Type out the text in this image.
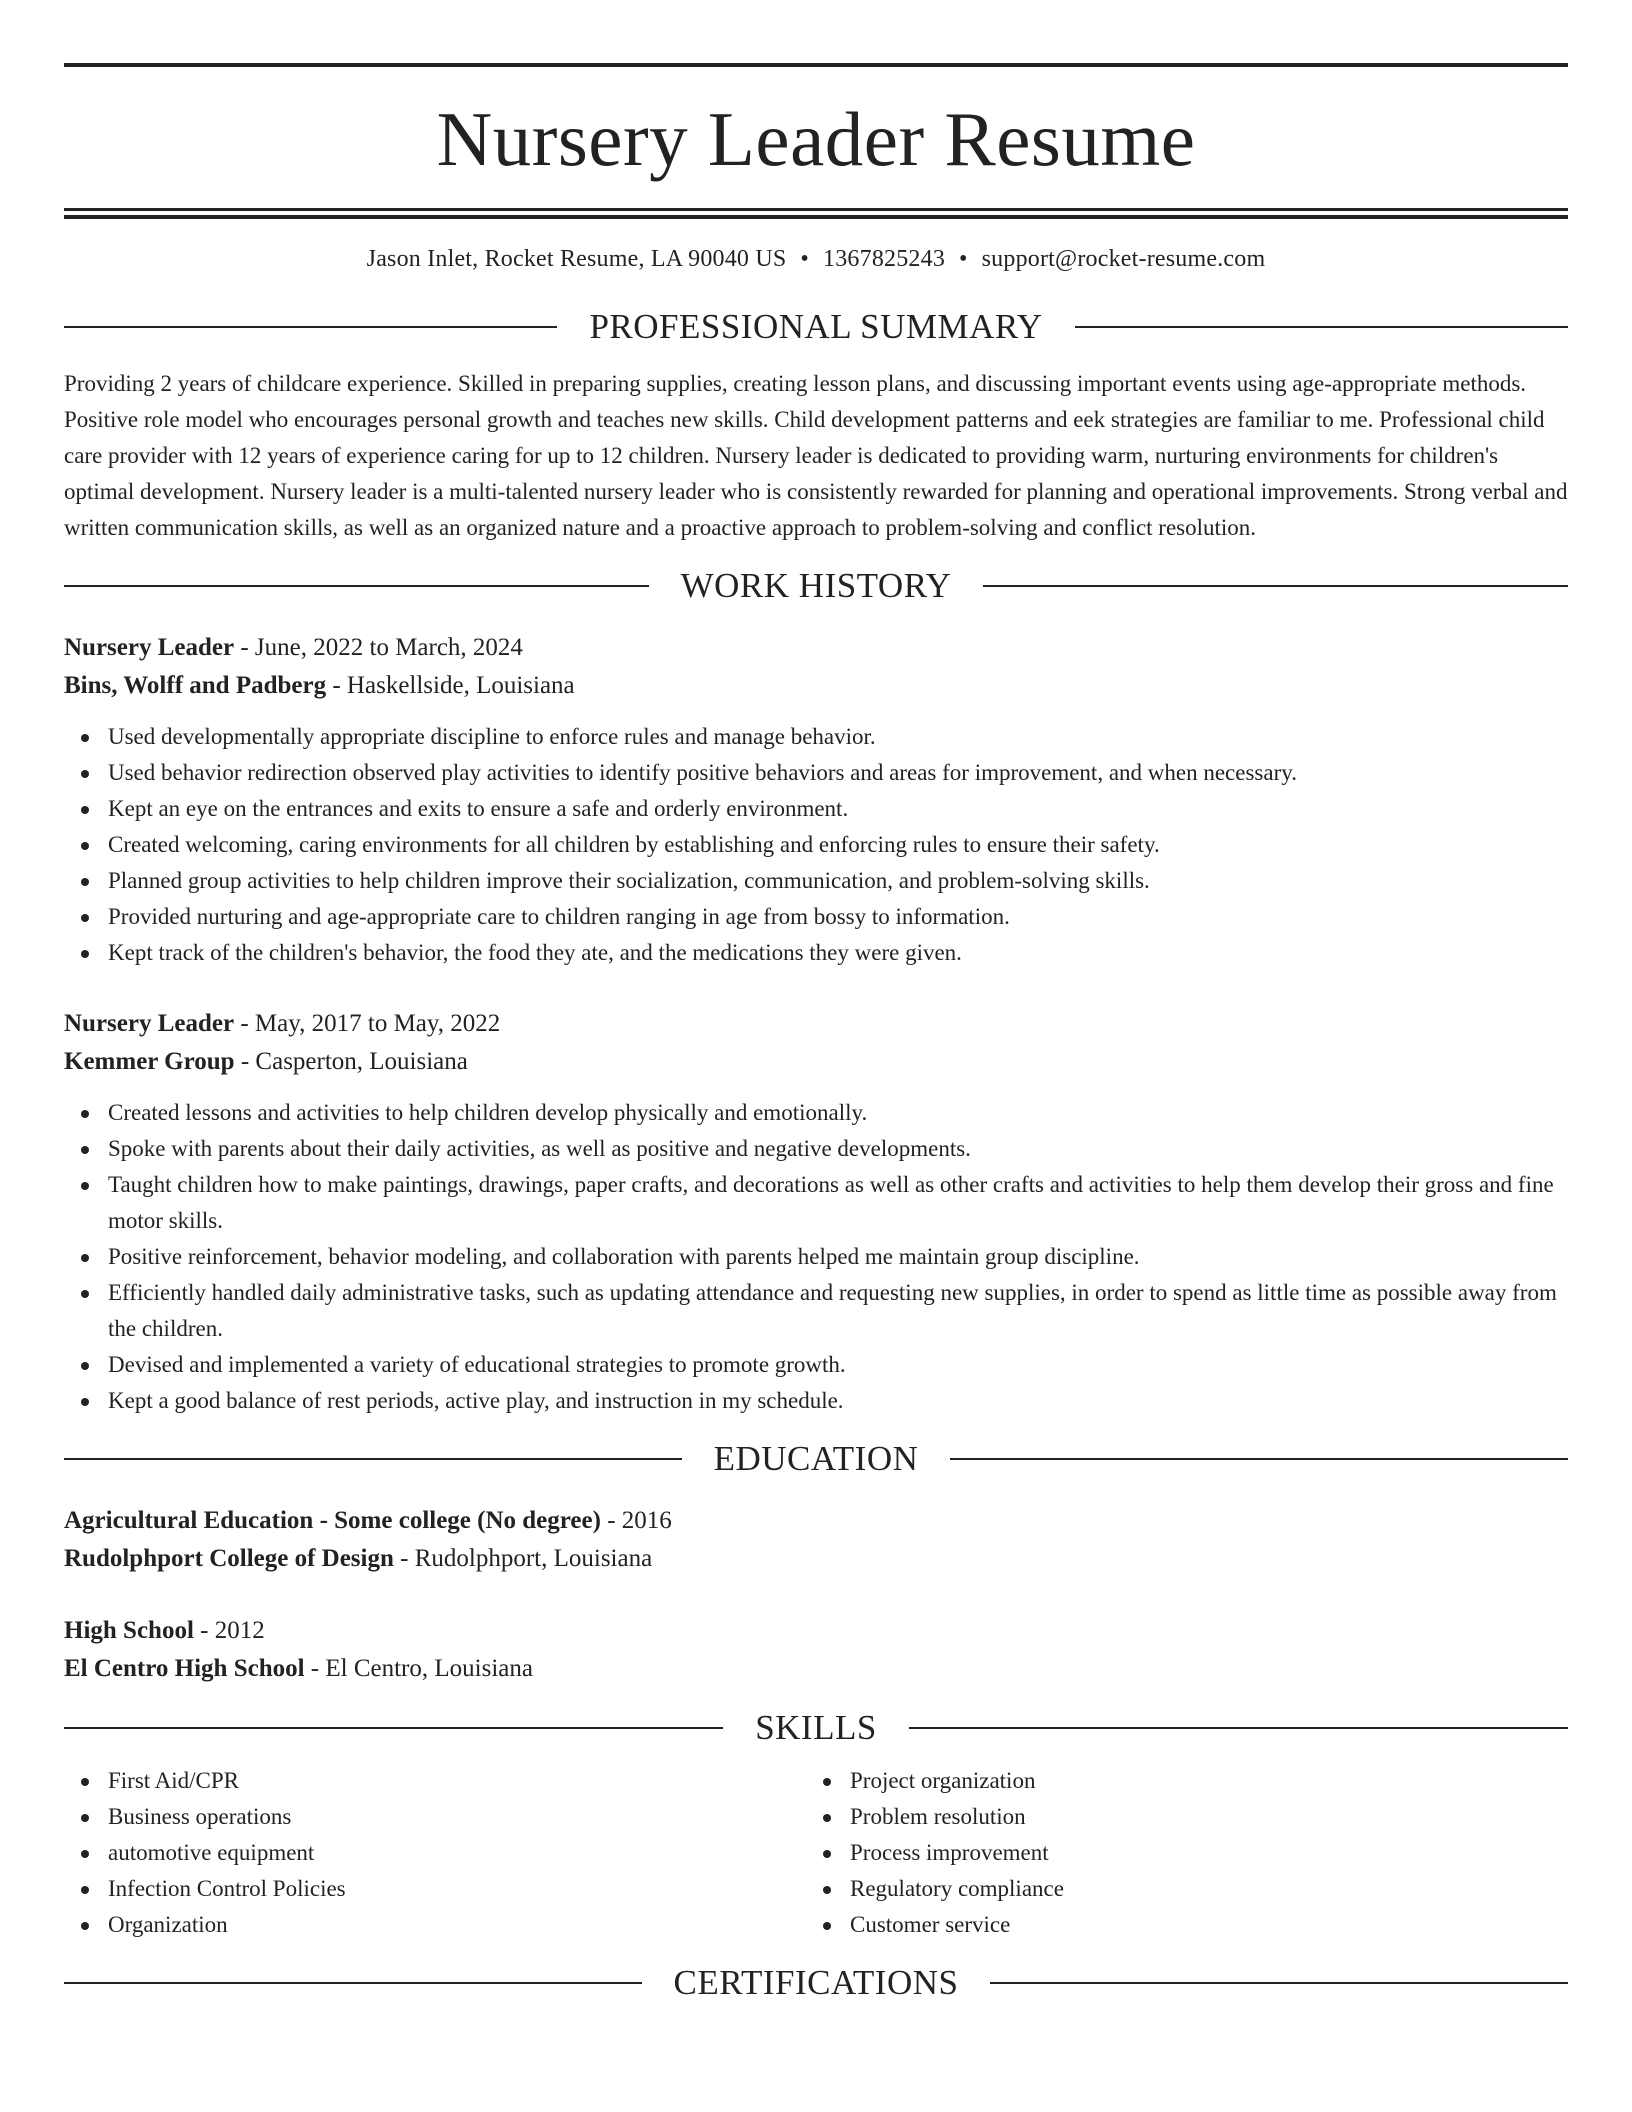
Nursery Leader Resume
Jason Inlet, Rocket Resume, LA 90040 US • 1367825243 • support@rocket-resume.com
PROFESSIONAL SUMMARY

Providing 2 years of childcare experience. Skilled in preparing supplies, creating lesson plans, and discussing important events using age-appropriate methods. Positive role model who encourages personal growth and teaches new skills. Child development patterns and eek strategies are familiar to me. Professional child care provider with 12 years of experience caring for up to 12 children. Nursery leader is dedicated to providing warm, nurturing environments for children's optimal development. Nursery leader is a multi-talented nursery leader who is consistently rewarded for planning and operational improvements. Strong verbal and written communication skills, as well as an organized nature and a proactive approach to problem-solving and conflict resolution.

WORK HISTORY
Nursery Leader - June, 2022 to March, 2024
Bins, Wolff and Padberg - Haskellside, Louisiana
Used developmentally appropriate discipline to enforce rules and manage behavior.
Used behavior redirection observed play activities to identify positive behaviors and areas for improvement, and when necessary.
Kept an eye on the entrances and exits to ensure a safe and orderly environment.
Created welcoming, caring environments for all children by establishing and enforcing rules to ensure their safety.
Planned group activities to help children improve their socialization, communication, and problem-solving skills.
Provided nurturing and age-appropriate care to children ranging in age from bossy to information.
Kept track of the children's behavior, the food they ate, and the medications they were given.
Nursery Leader - May, 2017 to May, 2022
Kemmer Group - Casperton, Louisiana
Created lessons and activities to help children develop physically and emotionally.
Spoke with parents about their daily activities, as well as positive and negative developments.
Taught children how to make paintings, drawings, paper crafts, and decorations as well as other crafts and activities to help them develop their gross and fine motor skills.
Positive reinforcement, behavior modeling, and collaboration with parents helped me maintain group discipline.
Efficiently handled daily administrative tasks, such as updating attendance and requesting new supplies, in order to spend as little time as possible away from the children.
Devised and implemented a variety of educational strategies to promote growth.
Kept a good balance of rest periods, active play, and instruction in my schedule.
EDUCATION
Agricultural Education - Some college (No degree) - 2016
Rudolphport College of Design - Rudolphport, Louisiana
High School - 2012
El Centro High School - El Centro, Louisiana
SKILLS
First Aid/CPR
Business operations
automotive equipment
Infection Control Policies
Organization
Project organization
Problem resolution
Process improvement
Regulatory compliance
Customer service
CERTIFICATIONS
